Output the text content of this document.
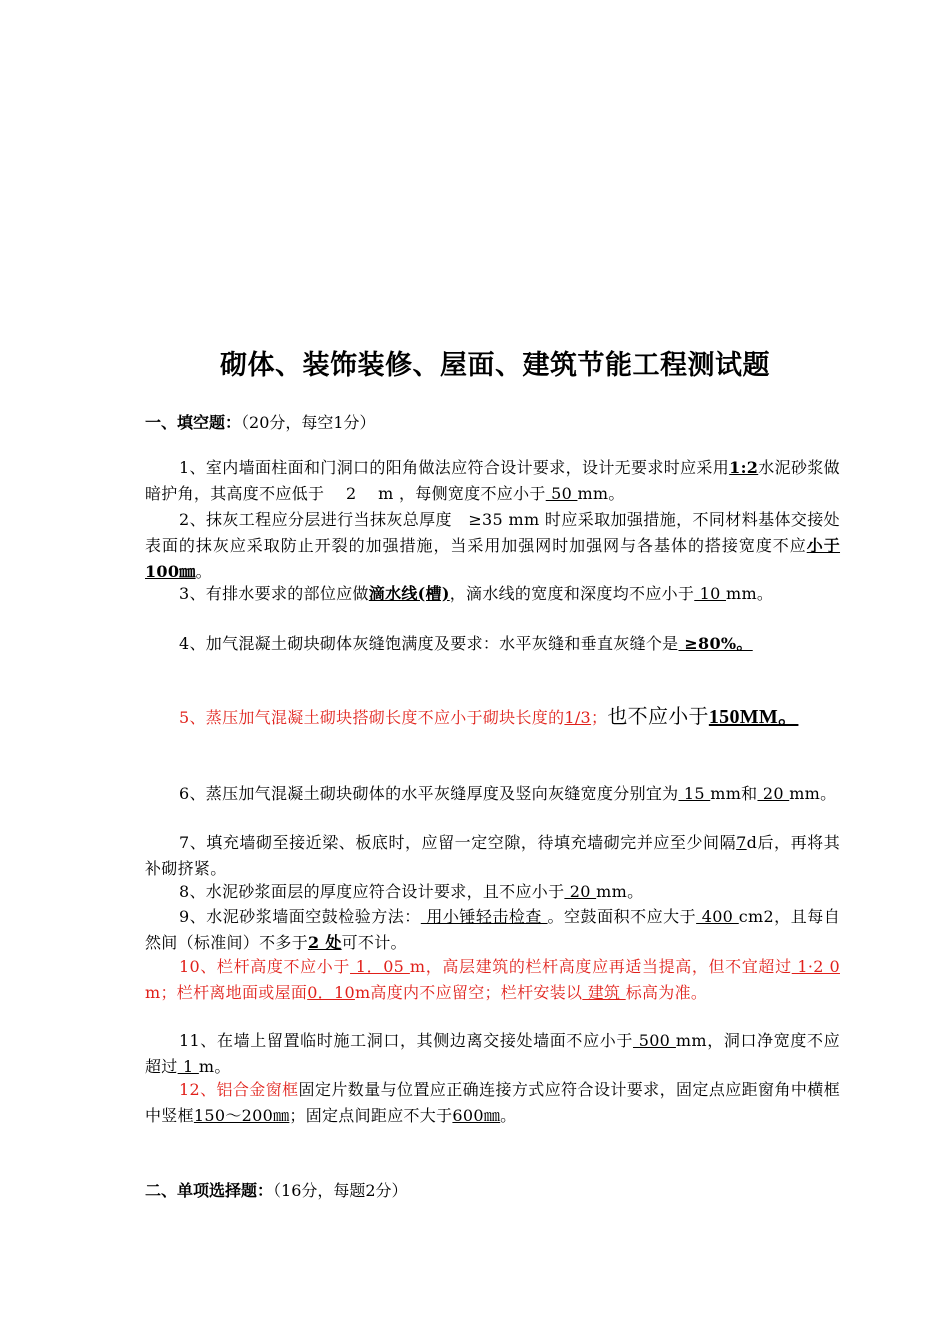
砌体、装饰装修、屋面、建筑节能工程测试题
一、填空题：（20分，每空1分）
1、室内墙面柱面和门洞口的阳角做法应符合设计要求，设计无要求时应采用1:2水泥砂浆做暗护角，其高度不应低于　 2　 m ，每侧宽度不应小于 50 mm。
2、抹灰工程应分层进行当抹灰总厚度　≥35 mm 时应采取加强措施，不同材料基体交接处表面的抹灰应采取防止开裂的加强措施，当采用加强网时加强网与各基体的搭接宽度不应小于100㎜。
3、有排水要求的部位应做滴水线(槽)，滴水线的宽度和深度均不应小于 10 mm。
4、加气混凝土砌块砌体灰缝饱满度及要求：水平灰缝和垂直灰缝个是 ≥80%。
5、蒸压加气混凝土砌块搭砌长度不应小于砌块长度的1/3；也不应小于150MM。
6、蒸压加气混凝土砌块砌体的水平灰缝厚度及竖向灰缝宽度分别宜为 15 mm和 20 mm。
7、填充墙砌至接近梁、板底时，应留一定空隙，待填充墙砌完并应至少间隔7d后，再将其补砌挤紧。
8、水泥砂浆面层的厚度应符合设计要求，且不应小于 20 mm。
9、水泥砂浆墙面空鼓检验方法： 用小锤轻击检查 。空鼓面积不应大于 400 cm2，且每自然间（标准间）不多于2 处可不计。
10、栏杆高度不应小于 1．05 m，高层建筑的栏杆高度应再适当提高，但不宜超过 1·2 0 m；栏杆离地面或屋面0．10m高度内不应留空；栏杆安装以 建筑 标高为准。
11、在墙上留置临时施工洞口，其侧边离交接处墙面不应小于 500 mm，洞口净宽度不应超过 1 m。
12、铝合金窗框固定片数量与位置应正确连接方式应符合设计要求，固定点应距窗角中横框中竖框150～200㎜；固定点间距应不大于600㎜。
二、单项选择题：（16分，每题2分）
